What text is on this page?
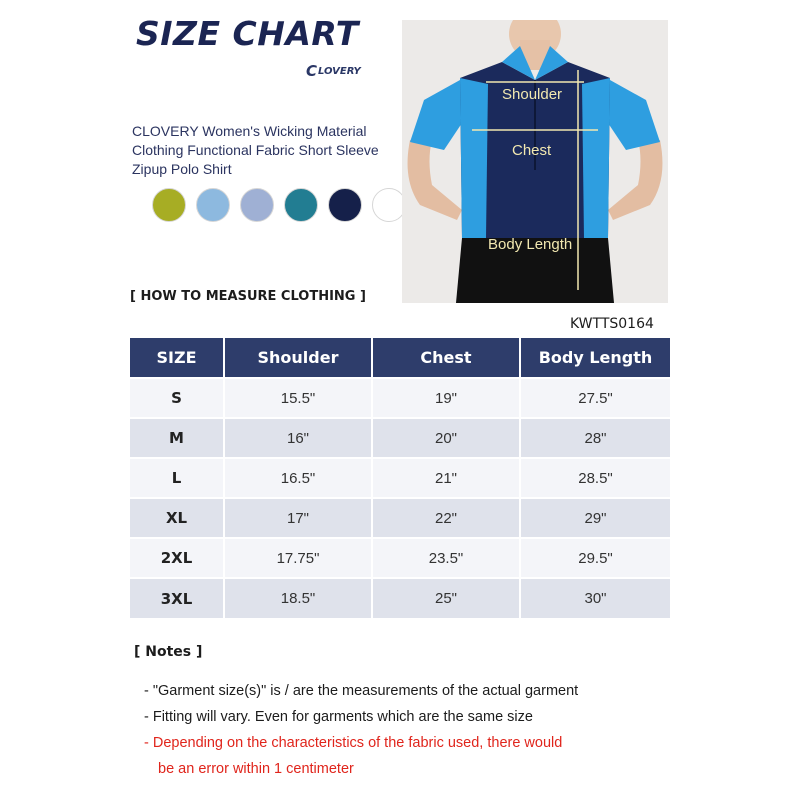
SIZE CHART
C LOVERY
CLOVERY Women's Wicking Material Clothing Functional Fabric Short Sleeve Zipup Polo Shirt
Shoulder
Chest
Body Length
[ HOW TO MEASURE CLOTHING ]
KWTTS0164
SIZE	Shoulder	Chest	Body Length
S	15.5"	19"	27.5"
M	16"	20"	28"
L	16.5"	21"	28.5"
XL	17"	22"	29"
2XL	17.75"	23.5"	29.5"
3XL	18.5"	25"	30"
[ Notes ]
- "Garment size(s)" is / are the measurements of the actual garment
- Fitting will vary. Even for garments which are the same size
- Depending on the characteristics of the fabric used, there would
be an error within 1 centimeter
